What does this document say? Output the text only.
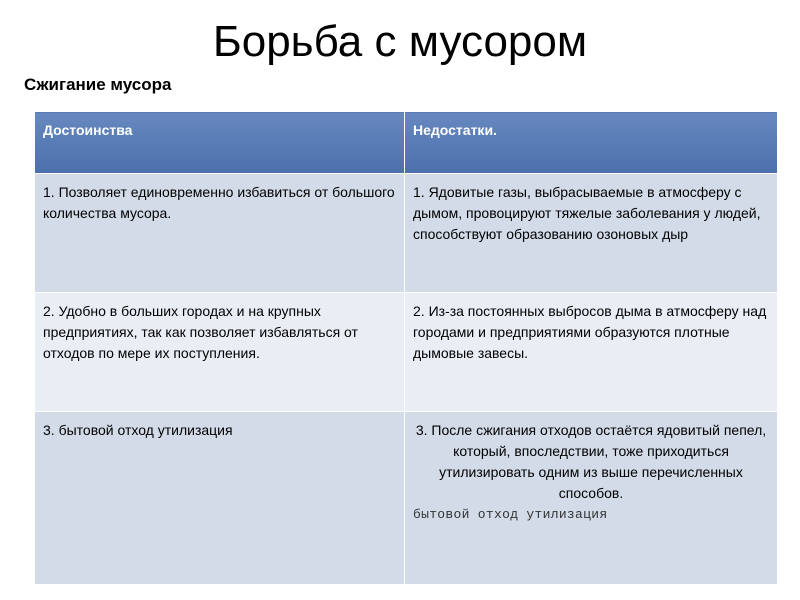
Борьба с мусором
Сжигание мусора
Достоинства	Недостатки.
1. Позволяет единовременно избавиться от большого количества мусора.	1. Ядовитые газы, выбрасываемые в атмосферу с дымом, провоцируют тяжелые заболевания у людей, способствуют образованию озоновых дыр
2. Удобно в больших городах и на крупных предприятиях, так как позволяет избавляться от отходов по мере их поступления.	2. Из-за постоянных выбросов дыма в атмосферу над городами и предприятиями образуются плотные дымовые завесы.
3. бытовой отход утилизация	3. После сжигания отходов остаётся ядовитый пепел, который, впоследствии, тоже приходиться утилизировать одним из выше перечисленных способов.
бытовой отход утилизация
